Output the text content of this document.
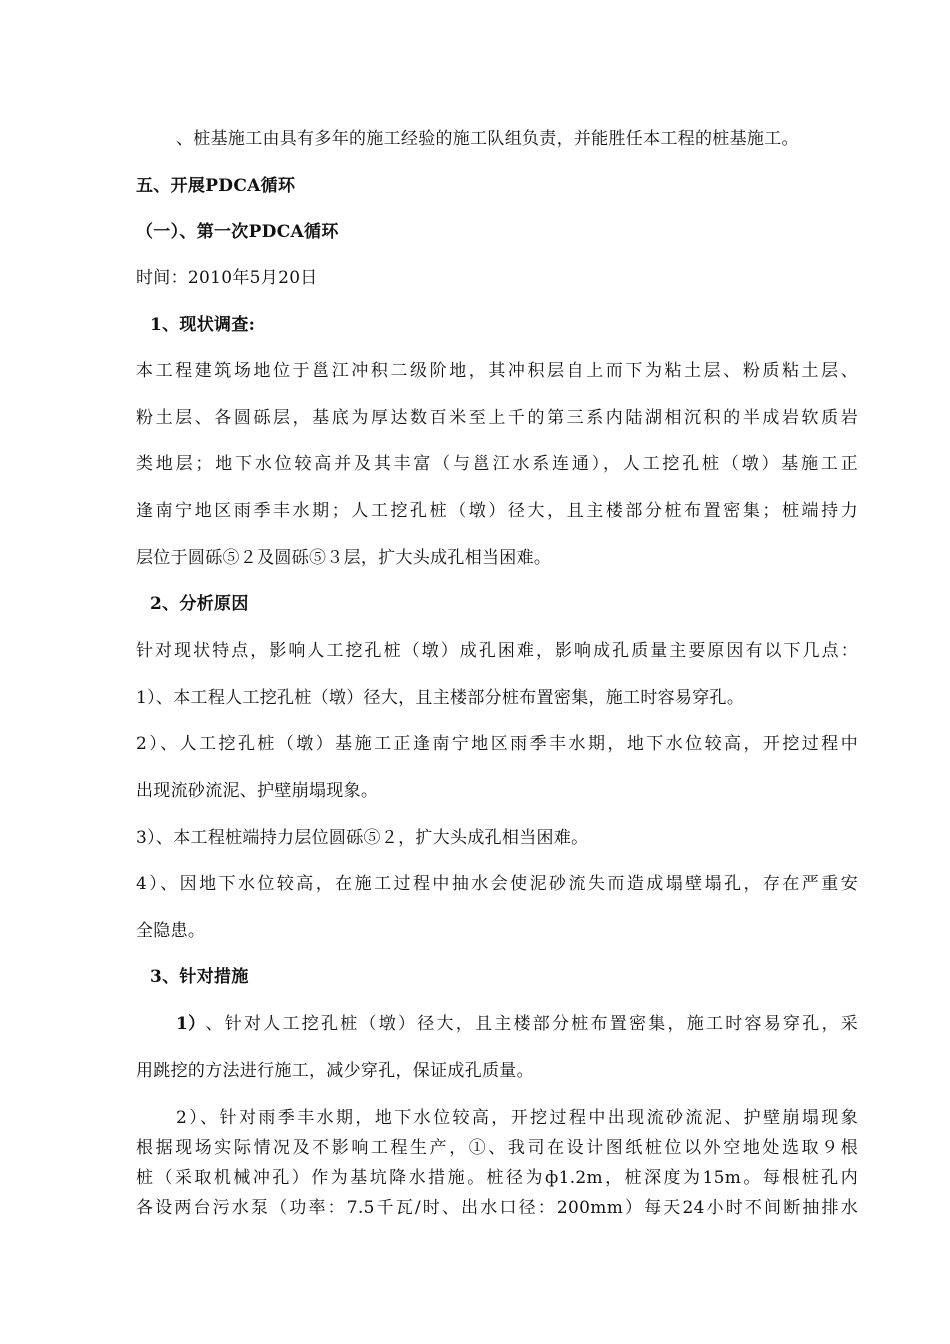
、桩基施工由具有多年的施工经验的施工队组负责，并能胜任本工程的桩基施工。
五、开展PDCA循环
（一）、第一次PDCA循环
时间：2010年5月20日
1、现状调查:
本工程建筑场地位于邕江冲积二级阶地，其冲积层自上而下为粘土层、粉质粘土层、
粉土层、各圆砾层，基底为厚达数百米至上千的第三系内陆湖相沉积的半成岩软质岩
类地层；地下水位较高并及其丰富（与邕江水系连通），人工挖孔桩（墩）基施工正
逢南宁地区雨季丰水期；人工挖孔桩（墩）径大，且主楼部分桩布置密集；桩端持力
层位于圆砾⑤２及圆砾⑤３层，扩大头成孔相当困难。
2、分析原因
针对现状特点，影响人工挖孔桩（墩）成孔困难，影响成孔质量主要原因有以下几点：
1）、本工程人工挖孔桩（墩）径大，且主楼部分桩布置密集，施工时容易穿孔。
2）、人工挖孔桩（墩）基施工正逢南宁地区雨季丰水期，地下水位较高，开挖过程中
出现流砂流泥、护壁崩塌现象。
3）、本工程桩端持力层位圆砾⑤２，扩大头成孔相当困难。
4）、因地下水位较高，在施工过程中抽水会使泥砂流失而造成塌壁塌孔，存在严重安
全隐患。
3、针对措施
1） 、针对人工挖孔桩（墩）径大，且主楼部分桩布置密集，施工时容易穿孔，采
用跳挖的方法进行施工，减少穿孔，保证成孔质量。
2）、针对雨季丰水期，地下水位较高，开挖过程中出现流砂流泥、护壁崩塌现象
根据现场实际情况及不影响工程生产，①、我司在设计图纸桩位以外空地处选取９根
桩（采取机械冲孔）作为基坑降水措施。桩径为ф1.2m，桩深度为15m。每根桩孔内
各设两台污水泵（功率：7.5千瓦/时、出水口径：200mm）每天24小时不间断抽排水
